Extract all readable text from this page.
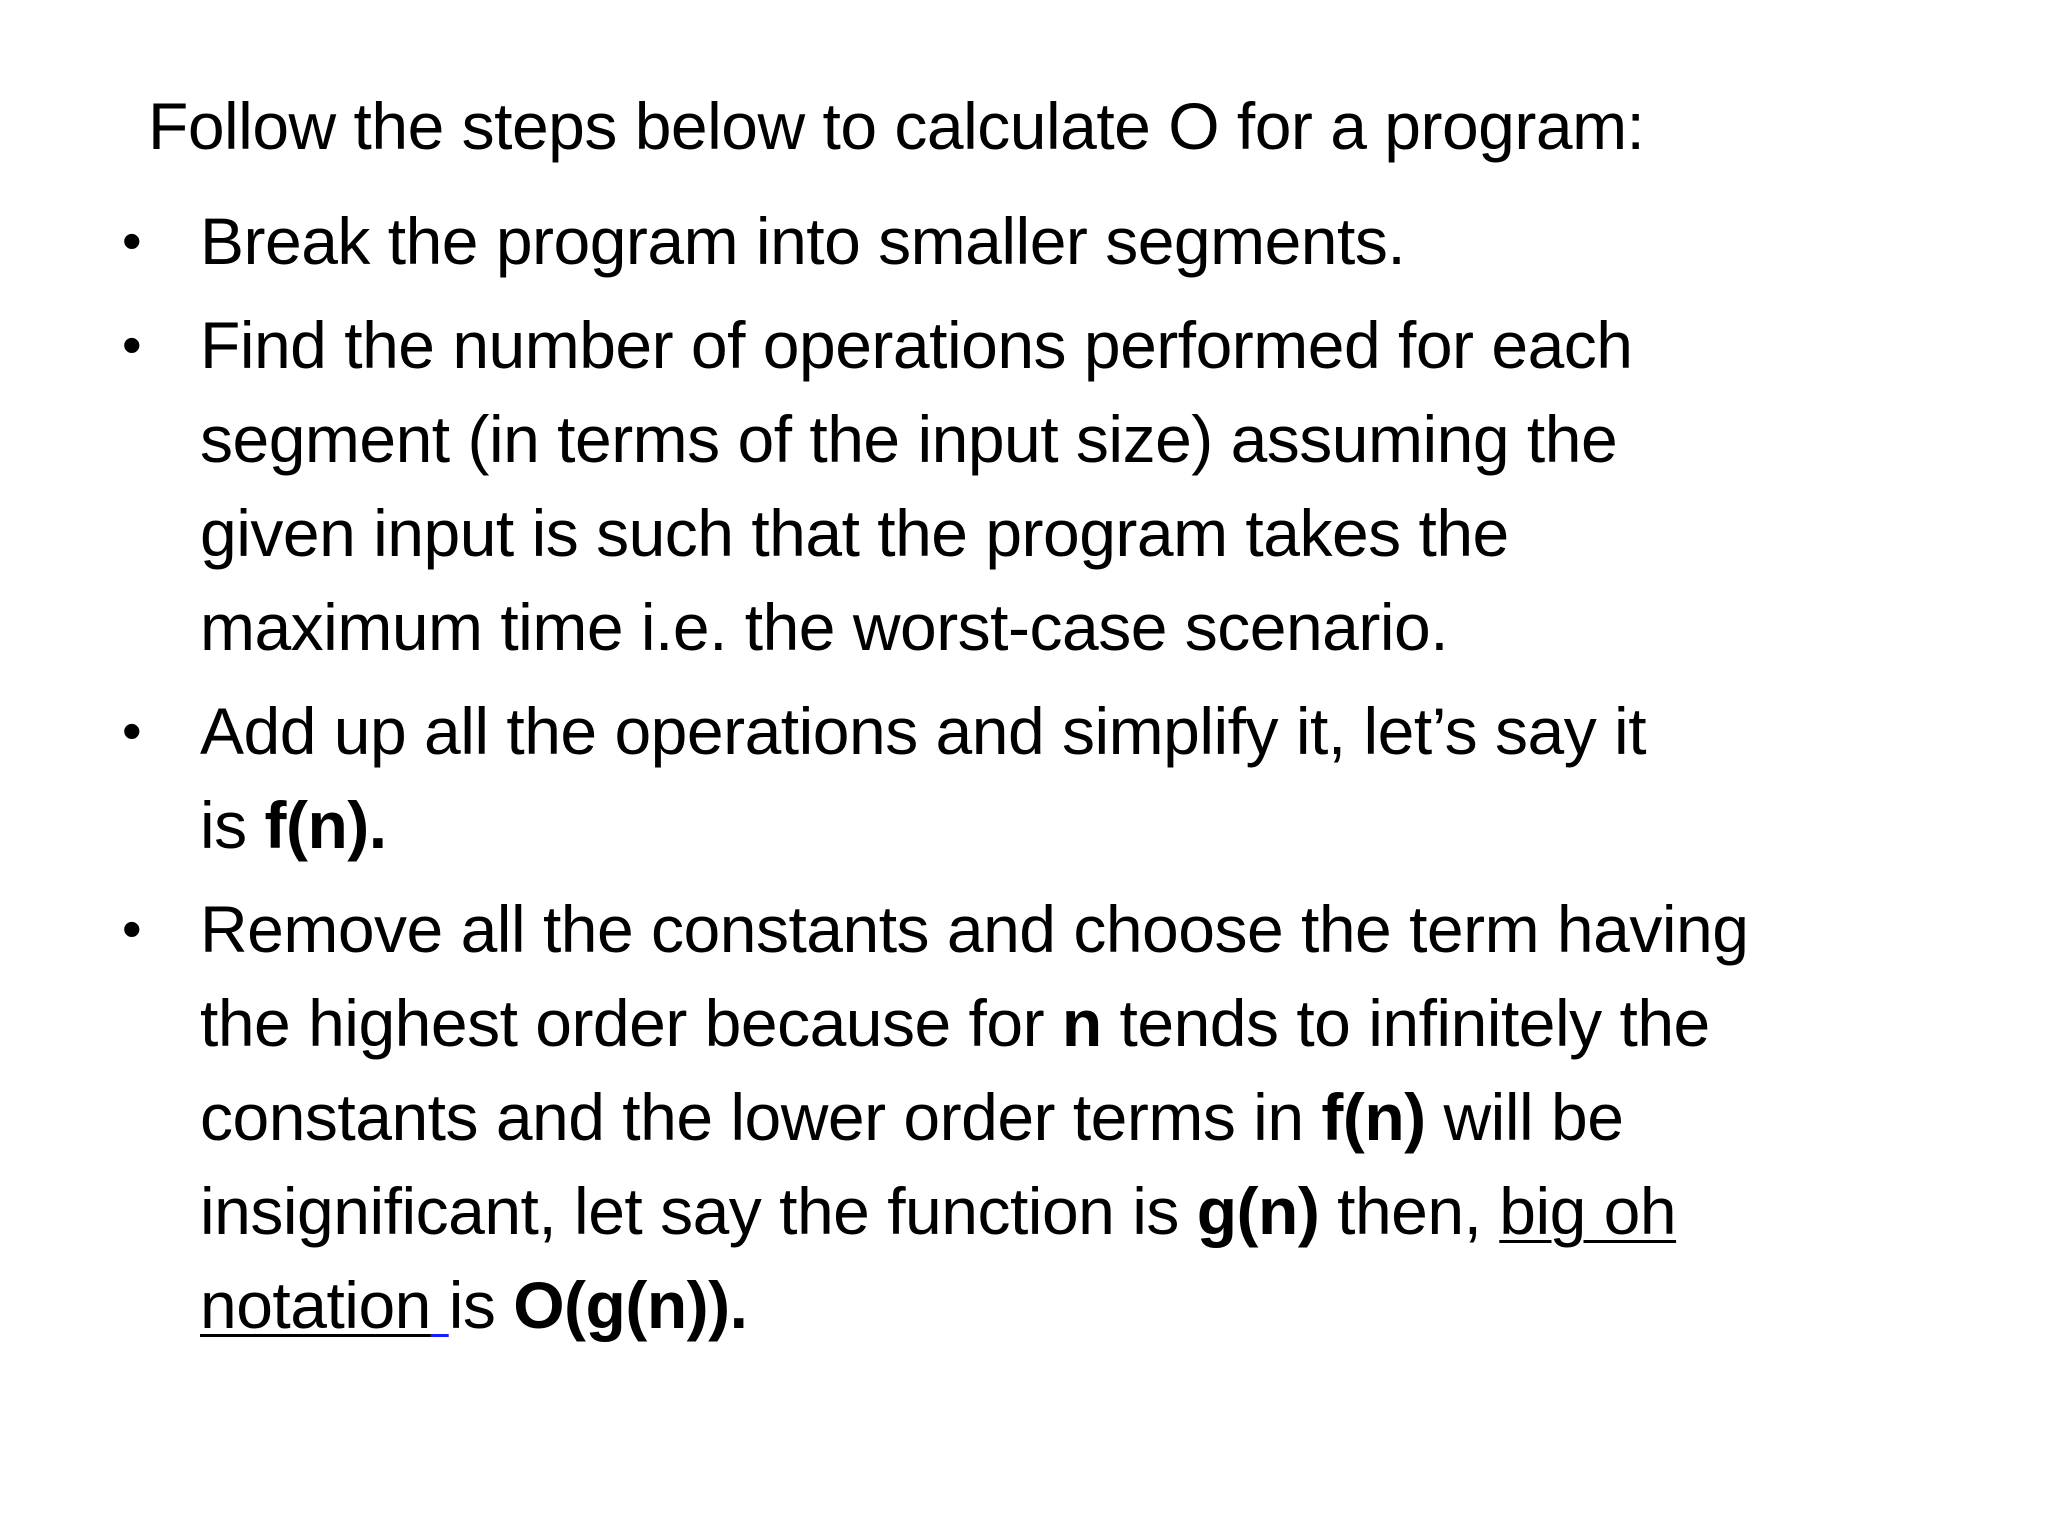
Follow the steps below to calculate O for a program:
• Break the program into smaller segments.
• Find the number of operations performed for each
segment (in terms of the input size) assuming the
given input is such that the program takes the
maximum time i.e. the worst-case scenario.
• Add up all the operations and simplify it, let’s say it
is f(n).
• Remove all the constants and choose the term having
the highest order because for n tends to infinitely the
constants and the lower order terms in f(n) will be
insignificant, let say the function is g(n) then, big oh
notation is O(g(n)).
